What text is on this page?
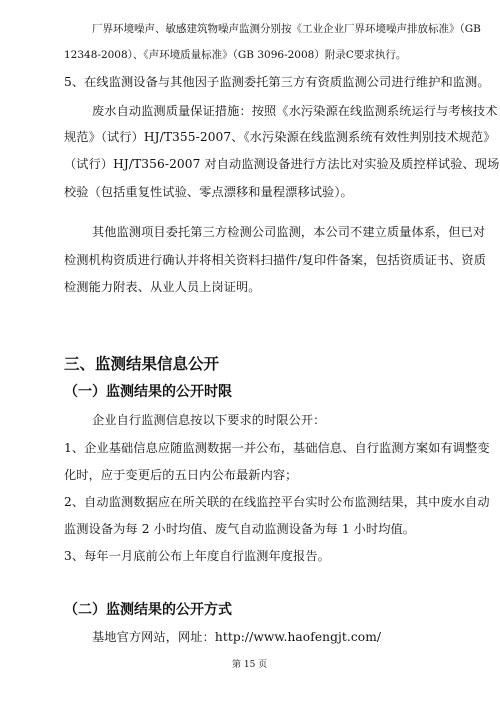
厂界环境噪声、敏感建筑物噪声监测分别按《工业企业厂界环境噪声排放标准》（GB
12348-2008）、《声环境质量标准》（GB 3096-2008）附录C要求执行。
5、在线监测设备与其他因子监测委托第三方有资质监测公司进行维护和监测。
废水自动监测质量保证措施：按照《水污染源在线监测系统运行与考核技术
规范》（试行）HJ/T355-2007、《水污染源在线监测系统有效性判别技术规范》
（试行）HJ/T356-2007 对自动监测设备进行方法比对实验及质控样试验、现场
校验（包括重复性试验、零点漂移和量程漂移试验）。
其他监测项目委托第三方检测公司监测，本公司不建立质量体系，但已对
检测机构资质进行确认并将相关资料扫描件/复印件备案，包括资质证书、资质
检测能力附表、从业人员上岗证明。
三、监测结果信息公开
（一）监测结果的公开时限
企业自行监测信息按以下要求的时限公开：
1、企业基础信息应随监测数据一并公布，基础信息、自行监测方案如有调整变
化时，应于变更后的五日内公布最新内容；
2、自动监测数据应在所关联的在线监控平台实时公布监测结果，其中废水自动
监测设备为每 2 小时均值、废气自动监测设备为每 1 小时均值。
3、每年一月底前公布上年度自行监测年度报告。
（二）监测结果的公开方式
基地官方网站，网址：http://www.haofengjt.com/
第 15 页
